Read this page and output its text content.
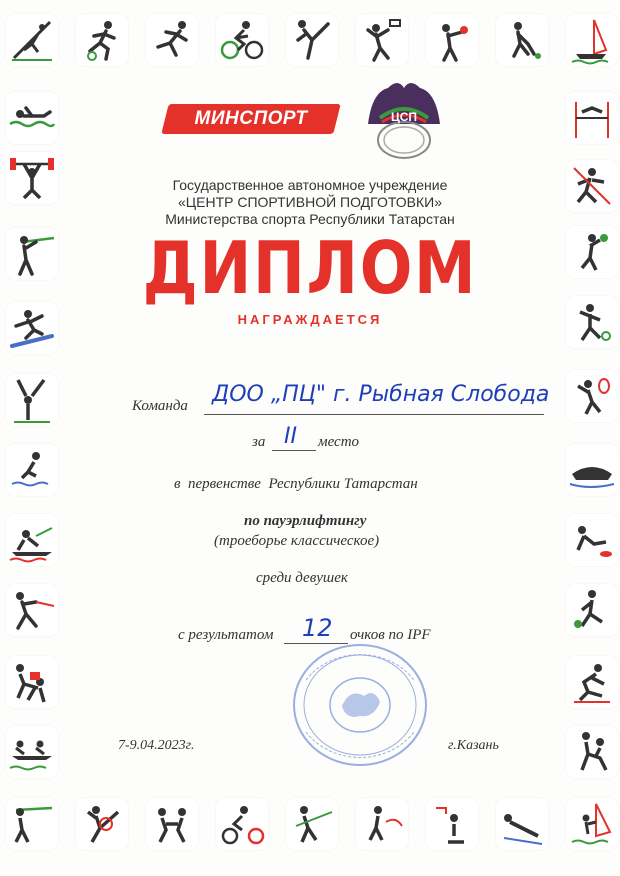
МИНСПОРТ	ЦСП
Государственное автономное учреждение
«ЦЕНТР СПОРТИВНОЙ ПОДГОТОВКИ»
Министерства спорта Республики Татарстан
ДИПЛОМ
НАГРАЖДАЕТСЯ
Команда ДОО „ПЦ" г. Рыбная Слобода
за II место
в  первенстве  Республики Татарстан
по пауэрлифтингу
(троеборье классическое)
среди девушек
с результатом 12 очков по IPF
7-9.04.2023г.	г.Казань
